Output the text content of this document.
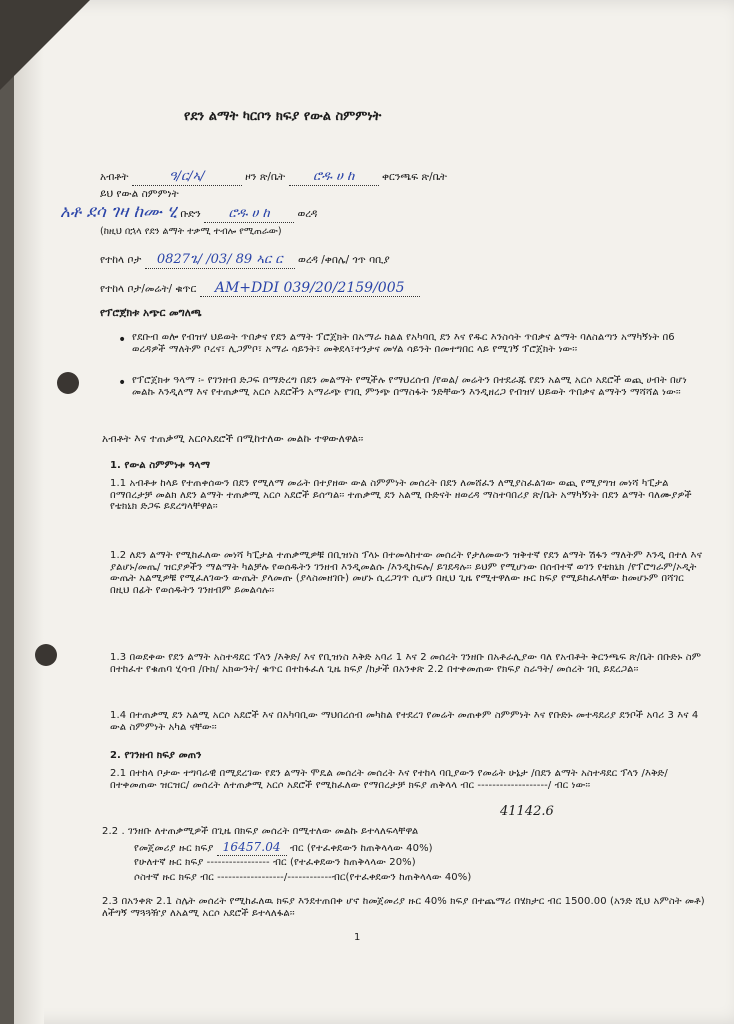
የደን ልማት ካርቦን ክፍያ የውል ስምምነት
አብቶት	ዓ/ር/ኣ/	ዞን ጽ/ቤት ሮዱ ሀ ከ	ቀርንጫፍ ጽ/ቤት
ይህ የውል ስምምነት
አቶ ደሳ ገዛ ከሙ ሂ ቡድን ሮዱ ሀ ከ	ወረዳ
(ከዚህ በኋላ የደን ልማት ተቃሚ ተብሎ የሚጠራው)
የተከላ ቦታ 0827ጌ/ /03/ 89 ኣር ር ወረዳ /ቀበሌ/ ጎጥ ባቢያ
የተከላ ቦታ/መሬት/ ቁጥር AM+DDI 039/20/2159/005
የፕሮጀክቱ አጭር መግለጫ
• የደቡብ ወሎ የብዝሃ ህይወት ጥበቃና የደን ልማት ፕሮጀክት በአማራ ክልል የአካባቢ ደን እና የዱር እንስሳት ጥበቃና ልማት ባለስልጣን አማካኝነት በ6 ወረዳዎች ማለትም ቦረና፣ ሊጋምቦ፣ አማራ ሳይንት፣ መቅደላ፣ተንታና መሃል ሳይንት በመተግበር ላይ የሚገኝ ፕሮጀክት ነው፡፡
• የፕሮጀክቱ ዓላማ ፡- የገንዘብ ድጋፍ በማድረግ በደን መልማት የሚችሉ የማህረሰብ /የወል/ መሬትን በተደራጁ የደን አልሚ አርሶ አደሮች ወጪ ሀብት በሆነ መልኩ እንዲለማ እና የተጠቃሚ አርሶ አደሮችን አማራጭ የገቢ ምንጭ በማስፋት ንድቸውን እንዲዘረጋ የብዝሃ ህይወት ጥበቃና ልማትን ማሻሻል ነው፡፡
አብቶት እና ተጠቃሚ አርሶአደሮች በሚከተለው መልኩ ተዋውለዋል፡፡
1. የውል ስምምነቱ ዓላማ
1.1 አብቶቱ ከላይ የተጠቀሰውን በደን የሚለማ መሬት በተያዘው ውል ስምምነት መሰረት በደን ለመሸፈን ለሚያስፈልገው ወጪ የሚያግዝ መነሻ ካፒታል በማበረታቻ መልክ ለደን ልማት ተጠቃሚ አርሶ አደሮች ይሰጣል፡፡ ተጠቃሚ ደን አልሚ ቡድናት ዘወረዳ ማስተባበሪያ ጽ/ቤት አማካኝነት በደን ልማት ባለሙያዎች የቴክኒክ ድጋፍ ይደረግላቸዋል፡፡
1.2 ለደን ልማት የሚከፈለው መነሻ ካፒታል ተጠቃሚዎቹ በቢዝነስ ፕላኑ በተመላከተው መሰረት የታለመውን ዝቅተኛ የደን ልማት ሽፋን ማለትም እንዲ በተለ እና ያልሆኑ/መጤ/ ዝርያዎችን ማልማት ካልቻሉ የወሰዱትን ገንዘብ እንዲመልሱ /እንዲከፍሉ/ ይገደዳሉ፡፡ ይህም የሚሆነው በሰብተኛ ወገን የቴክኒክ /የፕሮግራም/ኦዲት ውጤት አልሚዎቹ የሚፈለገውን ውጤት ያላመጡ (ያላስመዘገቡ) መሆኑ ሲረጋገጥ ሲሆን በዚህ ጊዜ የሚተዋለው ዙር ክፍያ የሚይከፈላቸው ከመሆኑም በሻገር በዚህ በፊት የወሰዱትን ገንዘብም ይመልሳሉ፡፡
1.3 በወደቀው የደን ልማት አስተዳደር ፕላን /እቅድ/ እና የቢዝነስ እቅድ አባሪ 1 እና 2 መሰረት ገንዘቡ በአቶራሊያው ባለ የአብቶት ቅርንጫፍ ጽ/ቤት በቡድኑ ስም በተከፈተ የቁጠባ ሂሳብ /ቡክ/ አክውንት/ ቁጥር በተከፋፈለ ጊዜ ክፍያ /ከታች በአንቀጽ 2.2 በተቀመጠው የክፍያ ስራዓት/ መሰረት ገቢ ይደረጋል፡፡
1.4 በተጠቃሚ ደን አልሚ አርሶ አደሮች እና በአካባቢው ማህበረሰብ መካከል የተደረገ የመሬት መጠቀም ስምምነት እና የቡድኑ መተዳደሪያ ደንቦች አባሪ 3 እና 4 ውል ስምምነት አካል ናቸው፡፡
2. የገንዘብ ክፍያ መጠን
2.1 በተከላ ቦታው ተግባራዊ በሚደረገው የደን ልማት ሞዴል መሰረት መሰረት እና የተከላ ባቢያውን የመሬት ሁኔታ /በደን ልማት አስተዳደር ፕላን /እቅድ/ በተቀመጠው ዝርዝር/ መሰረት ለተጠቃሚ አርሶ አደሮች የሚከፈለው የማበረታቻ ክፍያ ጠቅላላ ብር -------------------/ ብር ነው፡፡
41142.6
2.2 . ገንዘቡ ለተጠቃሚዎች በጊዜ በክፍያ መሰረት በሚተለው መልኩ ይተላለፍላቸዋል
የመጀመሪያ ዙር ክፍያ 16457.04 ብር (የተፈቀደውን ከጠቅላላው 40%)
የሁለተኛ ዙር ክፍያ ----------------- ብር (የተፈቀደውን ከጠቅላላው 20%)
ሶስተኛ ዙር ክፍያ ብር ------------------/------------ብር(የተፈቀደውን ከጠቅላላው 40%)
2.3 በአንቀጽ 2.1 ስሌት መሰረት የሚከፈለዉ ክፍያ እንደተጠበቀ ሆኖ ከመጀመሪያ ዙር 40% ክፍያ በተጨማሪ በሄክታር ብር 1500.00 (አንድ ሺህ አምስት መቶ) ለችግኝ ማጓጓዥያ ለአልሚ አርሶ አደሮች ይተላለፋል፡፡
1
